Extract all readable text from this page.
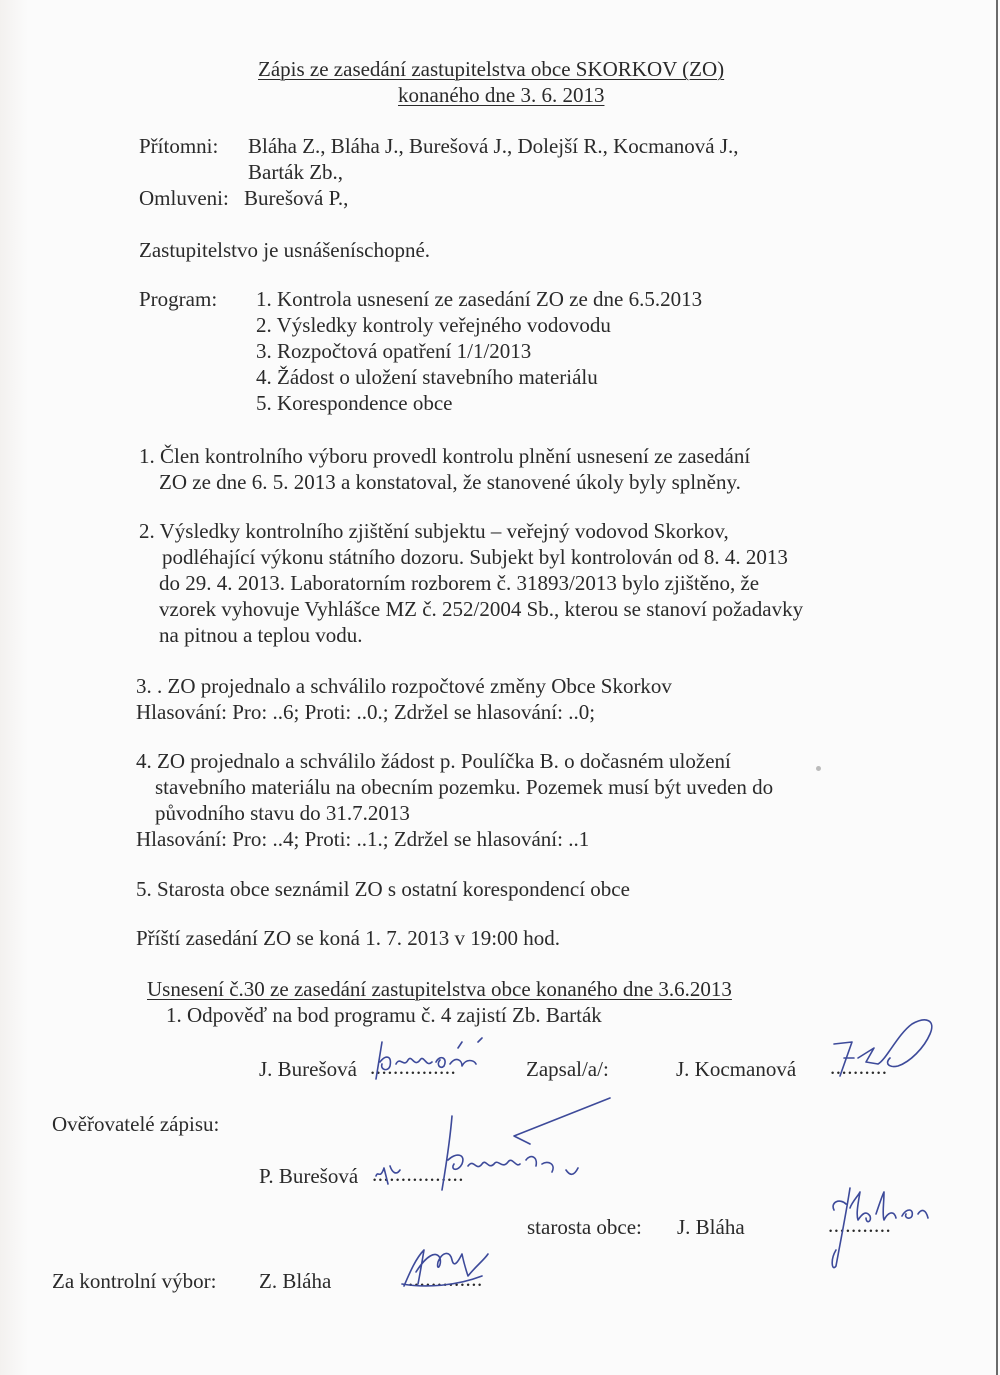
Zápis ze zasedání zastupitelstva obce SKORKOV (ZO)
konaného dne 3. 6. 2013
Přítomni: Bláha Z., Bláha J., Burešová J., Dolejší R., Kocmanová J.,
Barták Zb.,
Omluveni: Burešová P.,
Zastupitelstvo je usnášeníschopné.
Program: 1. Kontrola usnesení ze zasedání ZO ze dne 6.5.2013
2. Výsledky kontroly veřejného vodovodu
3. Rozpočtová opatření 1/1/2013
4. Žádost o uložení stavebního materiálu
5. Korespondence obce
1. Člen kontrolního výboru provedl kontrolu plnění usnesení ze zasedání
ZO ze dne 6. 5. 2013 a konstatoval, že stanovené úkoly byly splněny.
2. Výsledky kontrolního zjištění subjektu – veřejný vodovod Skorkov,
podléhající výkonu státního dozoru. Subjekt byl kontrolován od 8. 4. 2013
do 29. 4. 2013. Laboratorním rozborem č. 31893/2013 bylo zjištěno, že
vzorek vyhovuje Vyhlášce MZ č. 252/2004 Sb., kterou se stanoví požadavky
na pitnou a teplou vodu.
3. . ZO projednalo a schválilo rozpočtové změny Obce Skorkov
Hlasování: Pro: ..6; Proti: ..0.; Zdržel se hlasování: ..0;
4. ZO projednalo a schválilo žádost p. Poulíčka B. o dočasném uložení
stavebního materiálu na obecním pozemku. Pozemek musí být uveden do
původního stavu do 31.7.2013
Hlasování: Pro: ..4; Proti: ..1.; Zdržel se hlasování: ..1
5. Starosta obce seznámil ZO s ostatní korespondencí obce
Příští zasedání ZO se koná 1. 7. 2013 v 19:00 hod.
Usnesení č.30 ze zasedání zastupitelstva obce konaného dne 3.6.2013
1. Odpověď na bod programu č. 4 zajistí Zb. Barták
J. Burešová ...............	Zapsal/a/:	J. Kocmanová ..........
Ověřovatelé zápisu:
P. Burešová ................
starosta obce: J. Bláha	...........
Za kontrolní výbor: Z. Bláha	.............
